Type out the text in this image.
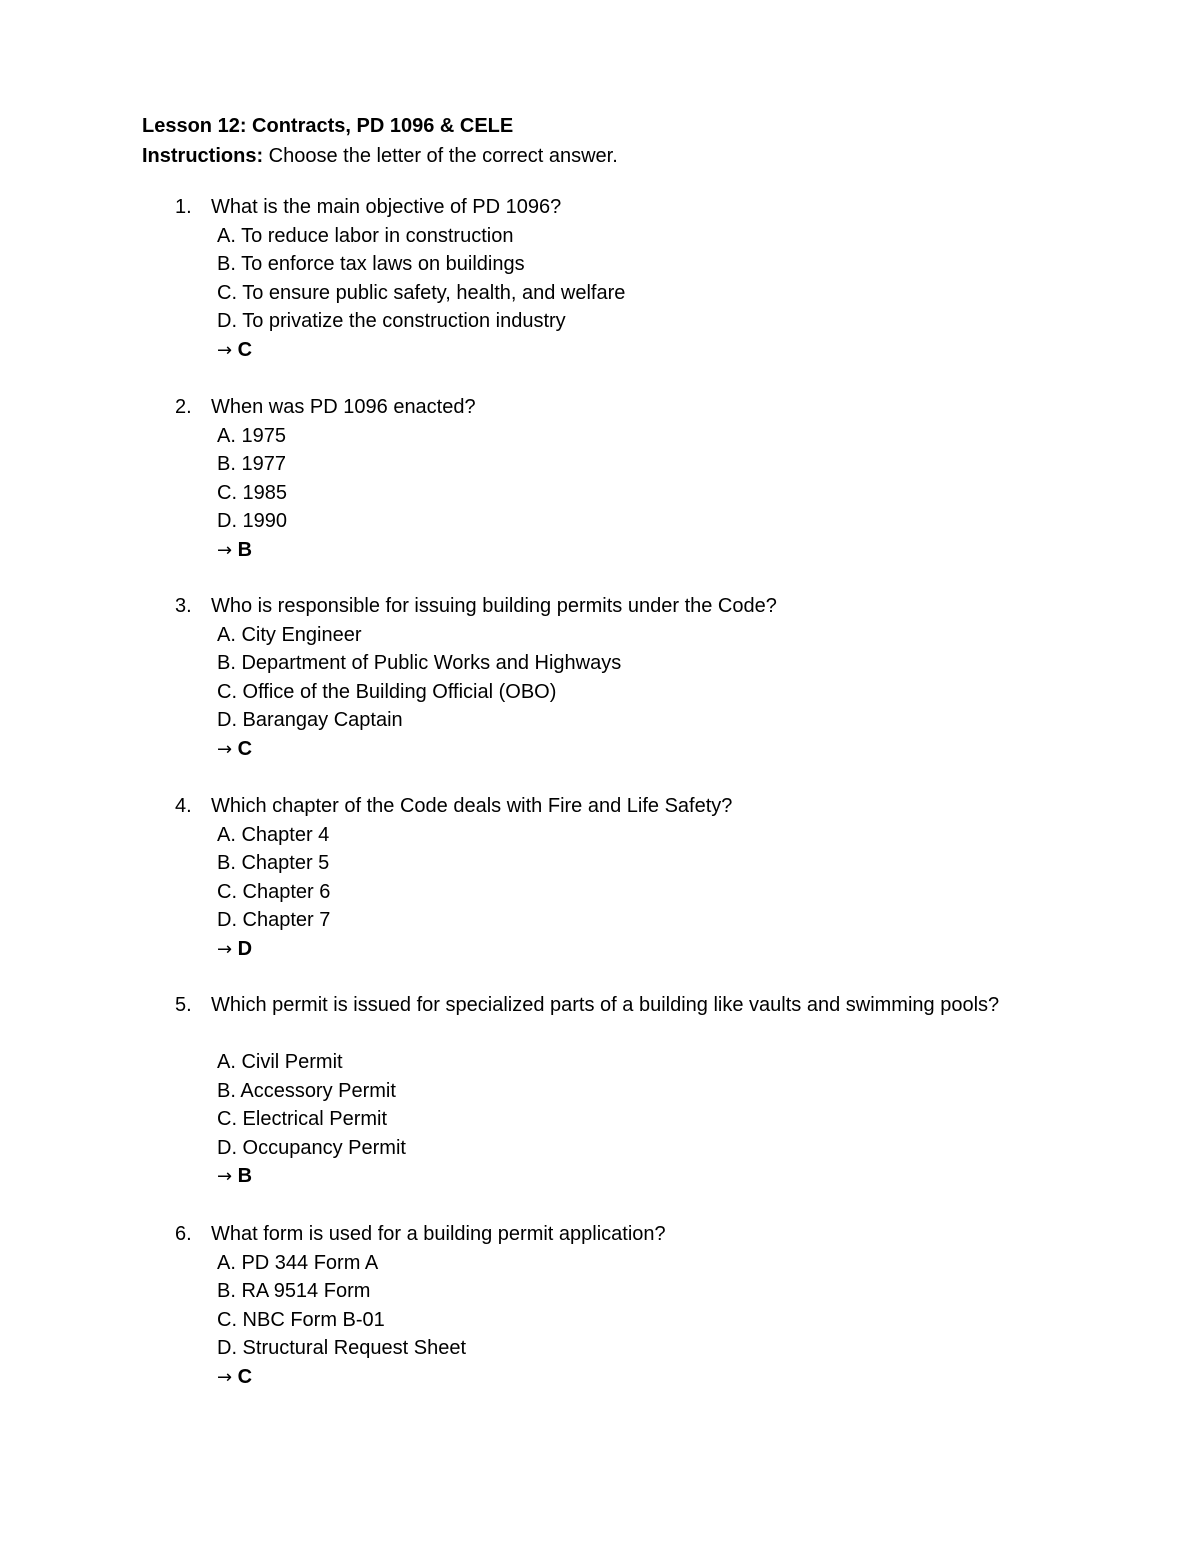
Lesson 12: Contracts, PD 1096 & CELE
Instructions: Choose the letter of the correct answer.
1. What is the main objective of PD 1096?
A. To reduce labor in construction
B. To enforce tax laws on buildings
C. To ensure public safety, health, and welfare
D. To privatize the construction industry
→ C
2. When was PD 1096 enacted?
A. 1975
B. 1977
C. 1985
D. 1990
→ B
3. Who is responsible for issuing building permits under the Code?
A. City Engineer
B. Department of Public Works and Highways
C. Office of the Building Official (OBO)
D. Barangay Captain
→ C
4. Which chapter of the Code deals with Fire and Life Safety?
A. Chapter 4
B. Chapter 5
C. Chapter 6
D. Chapter 7
→ D
5. Which permit is issued for specialized parts of a building like vaults and swimming pools?
A. Civil Permit
B. Accessory Permit
C. Electrical Permit
D. Occupancy Permit
→ B
6. What form is used for a building permit application?
A. PD 344 Form A
B. RA 9514 Form
C. NBC Form B-01
D. Structural Request Sheet
→ C
